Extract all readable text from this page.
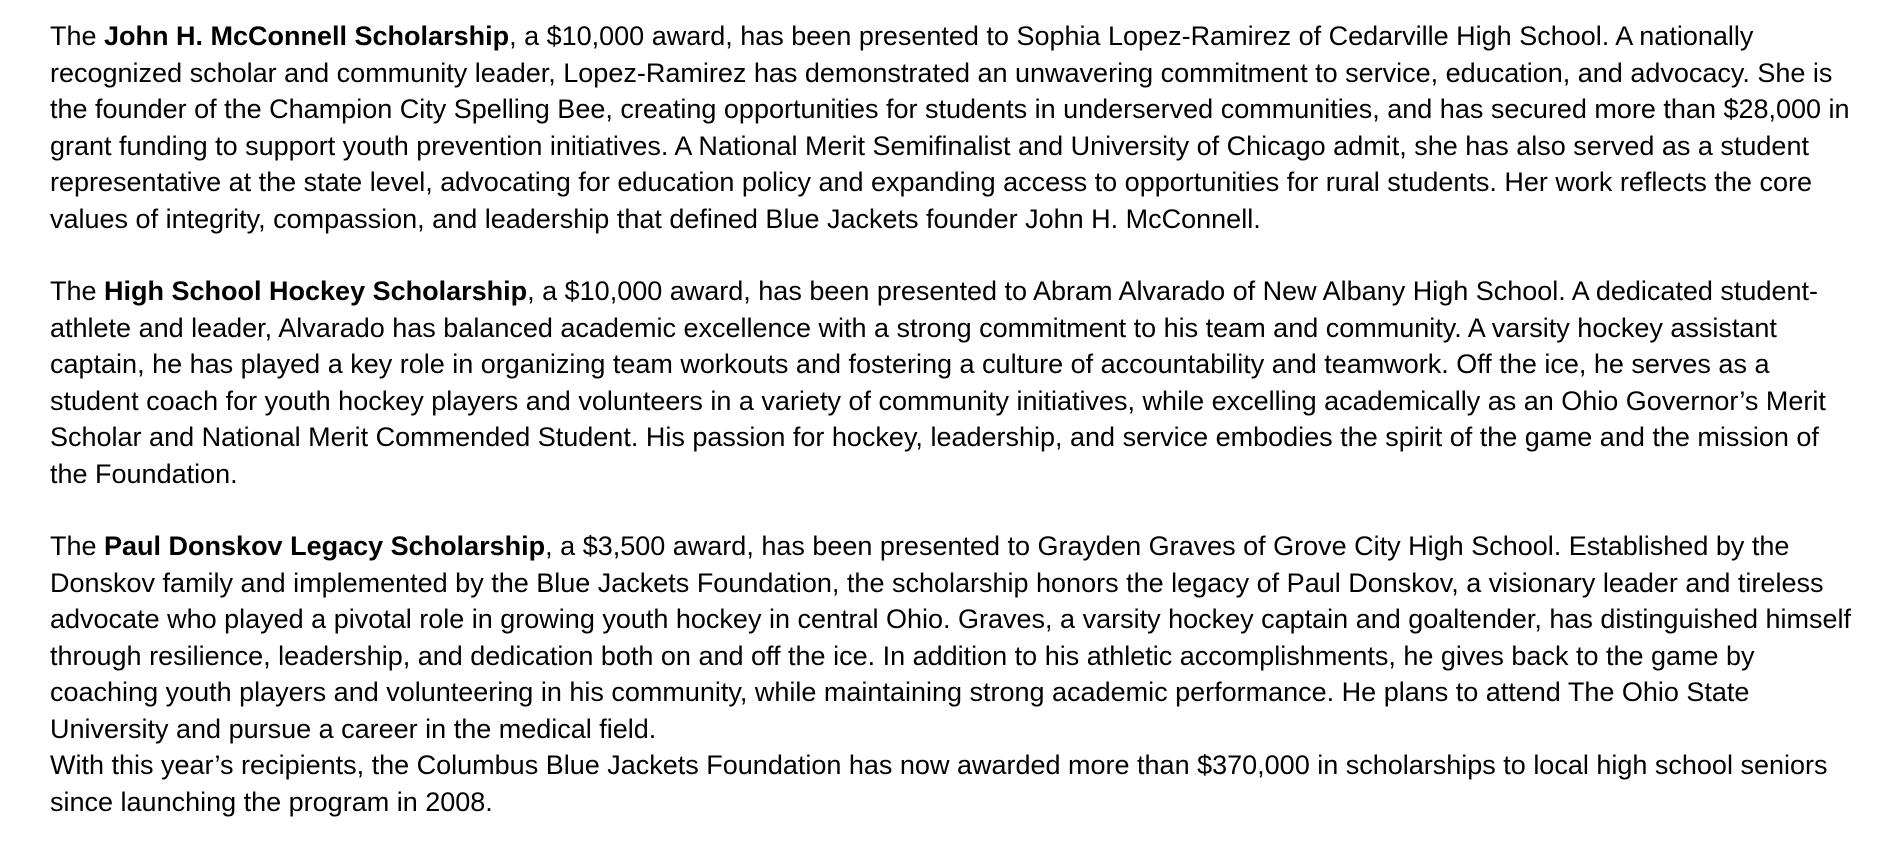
The John H. McConnell Scholarship, a $10,000 award, has been presented to Sophia Lopez-Ramirez of Cedarville High School. A nationally recognized scholar and community leader, Lopez-Ramirez has demonstrated an unwavering commitment to service, education, and advocacy. She is the founder of the Champion City Spelling Bee, creating opportunities for students in underserved communities, and has secured more than $28,000 in grant funding to support youth prevention initiatives. A National Merit Semifinalist and University of Chicago admit, she has also served as a student representative at the state level, advocating for education policy and expanding access to opportunities for rural students. Her work reflects the core values of integrity, compassion, and leadership that defined Blue Jackets founder John H. McConnell.

The High School Hockey Scholarship, a $10,000 award, has been presented to Abram Alvarado of New Albany High School. A dedicated student-athlete and leader, Alvarado has balanced academic excellence with a strong commitment to his team and community. A varsity hockey assistant captain, he has played a key role in organizing team workouts and fostering a culture of accountability and teamwork. Off the ice, he serves as a student coach for youth hockey players and volunteers in a variety of community initiatives, while excelling academically as an Ohio Governor’s Merit Scholar and National Merit Commended Student. His passion for hockey, leadership, and service embodies the spirit of the game and the mission of the Foundation.

The Paul Donskov Legacy Scholarship, a $3,500 award, has been presented to Grayden Graves of Grove City High School. Established by the Donskov family and implemented by the Blue Jackets Foundation, the scholarship honors the legacy of Paul Donskov, a visionary leader and tireless advocate who played a pivotal role in growing youth hockey in central Ohio. Graves, a varsity hockey captain and goaltender, has distinguished himself through resilience, leadership, and dedication both on and off the ice. In addition to his athletic accomplishments, he gives back to the game by coaching youth players and volunteering in his community, while maintaining strong academic performance. He plans to attend The Ohio State University and pursue a career in the medical field.

With this year’s recipients, the Columbus Blue Jackets Foundation has now awarded more than $370,000 in scholarships to local high school seniors since launching the program in 2008.
